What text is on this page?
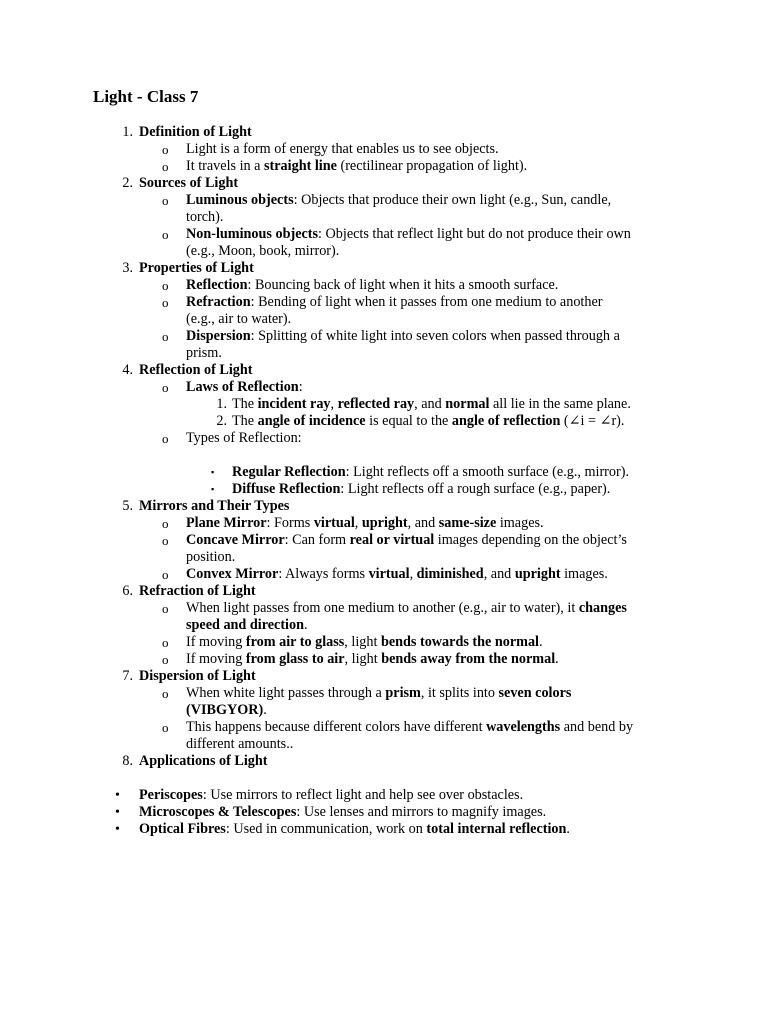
Light - Class 7
1. Definition of Light
o Light is a form of energy that enables us to see objects.
o It travels in a straight line (rectilinear propagation of light).
2. Sources of Light
o Luminous objects: Objects that produce their own light (e.g., Sun, candle,
torch).
o Non-luminous objects: Objects that reflect light but do not produce their own
(e.g., Moon, book, mirror).
3. Properties of Light
o Reflection: Bouncing back of light when it hits a smooth surface.
o Refraction: Bending of light when it passes from one medium to another
(e.g., air to water).
o Dispersion: Splitting of white light into seven colors when passed through a
prism.
4. Reflection of Light
o Laws of Reflection:
1. The incident ray, reflected ray, and normal all lie in the same plane.
2. The angle of incidence is equal to the angle of reflection (∠i = ∠r).
o Types of Reflection:
▪ Regular Reflection: Light reflects off a smooth surface (e.g., mirror).
▪ Diffuse Reflection: Light reflects off a rough surface (e.g., paper).
5. Mirrors and Their Types
o Plane Mirror: Forms virtual, upright, and same-size images.
o Concave Mirror: Can form real or virtual images depending on the object’s
position.
o Convex Mirror: Always forms virtual, diminished, and upright images.
6. Refraction of Light
o When light passes from one medium to another (e.g., air to water), it changes
speed and direction.
o If moving from air to glass, light bends towards the normal.
o If moving from glass to air, light bends away from the normal.
7. Dispersion of Light
o When white light passes through a prism, it splits into seven colors
(VIBGYOR).
o This happens because different colors have different wavelengths and bend by
different amounts..
8. Applications of Light
• Periscopes: Use mirrors to reflect light and help see over obstacles.
• Microscopes & Telescopes: Use lenses and mirrors to magnify images.
• Optical Fibres: Used in communication, work on total internal reflection.
